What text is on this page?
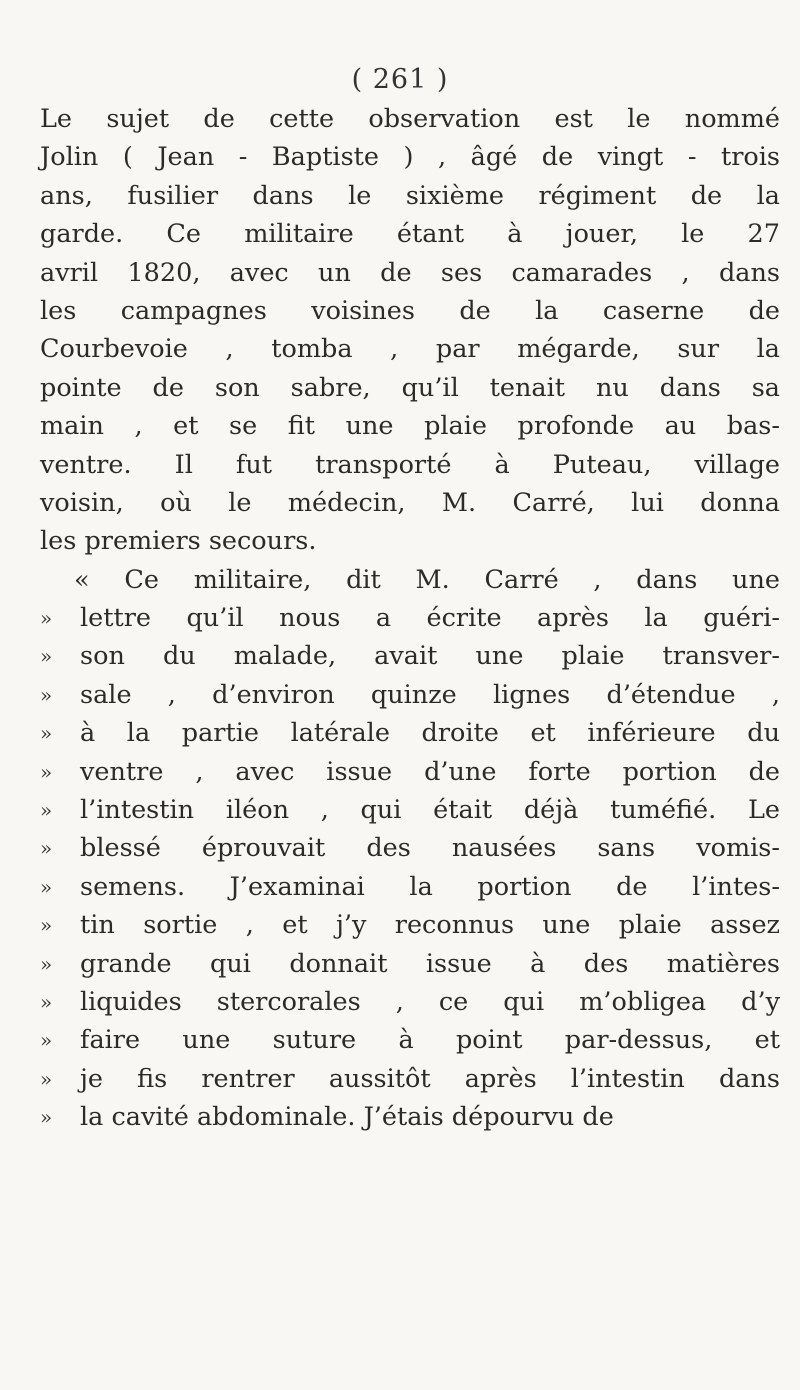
( 261 )
Le sujet de cette observation est le nommé
Jolin ( Jean - Baptiste ) , âgé de vingt - trois
ans, fusilier dans le sixième régiment de la
garde. Ce militaire étant à jouer, le 27
avril 1820, avec un de ses camarades , dans
les campagnes voisines de la caserne de
Courbevoie , tomba , par mégarde, sur la
pointe de son sabre, qu’il tenait nu dans sa
main , et se fit une plaie profonde au bas-
ventre. Il fut transporté à Puteau, village
voisin, où le médecin, M. Carré, lui donna
les premiers secours.
« Ce militaire, dit M. Carré , dans une
»	lettre qu’il nous a écrite après la guéri-
»	son du malade, avait une plaie transver-
»	sale , d’environ quinze lignes d’étendue ,
»	à la partie latérale droite et inférieure du
»	ventre , avec issue d’une forte portion de
»	l’intestin iléon , qui était déjà tuméfié. Le
»	blessé éprouvait des nausées sans vomis-
»	semens. J’examinai la portion de l’intes-
»	tin sortie , et j’y reconnus une plaie assez
»	grande qui donnait issue à des matières
»	liquides stercorales , ce qui m’obligea d’y
»	faire une suture à point par-dessus, et
»	je fis rentrer aussitôt après l’intestin dans
»	la cavité abdominale. J’étais dépourvu de
